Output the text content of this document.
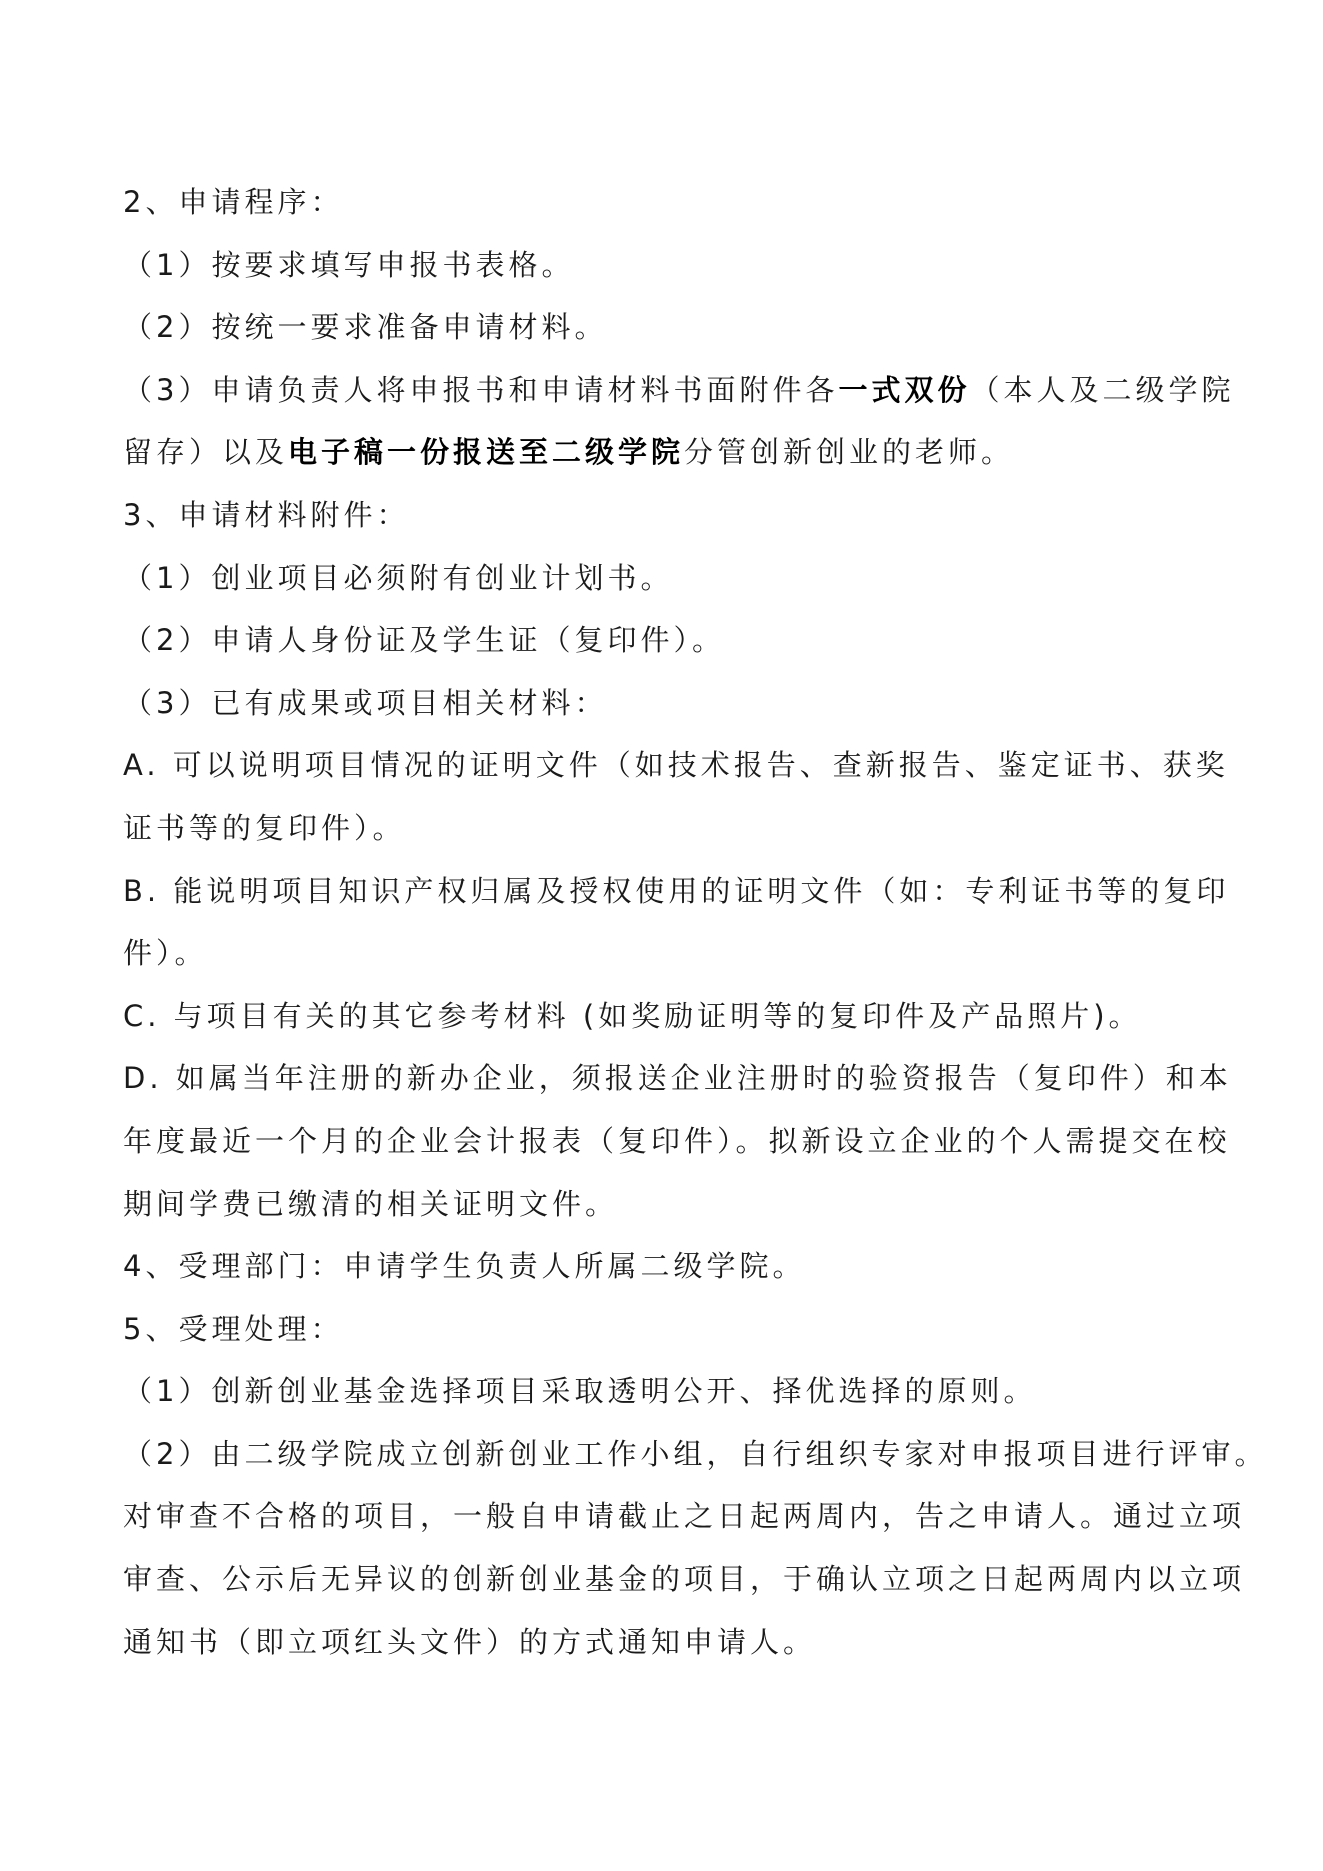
2、申请程序：

（1）按要求填写申报书表格。

（2）按统一要求准备申请材料。

（3）申请负责人将申报书和申请材料书面附件各一式双份（本人及二级学院

留存）以及电子稿一份报送至二级学院分管创新创业的老师。

3、申请材料附件：

（1）创业项目必须附有创业计划书。

（2）申请人身份证及学生证（复印件）。

（3）已有成果或项目相关材料：

A. 可以说明项目情况的证明文件（如技术报告、查新报告、鉴定证书、获奖

证书等的复印件）。

B. 能说明项目知识产权归属及授权使用的证明文件（如：专利证书等的复印

件）。

C. 与项目有关的其它参考材料 (如奖励证明等的复印件及产品照片)。

D. 如属当年注册的新办企业，须报送企业注册时的验资报告（复印件）和本

年度最近一个月的企业会计报表（复印件）。拟新设立企业的个人需提交在校

期间学费已缴清的相关证明文件。

4、受理部门：申请学生负责人所属二级学院。

5、受理处理：

（1）创新创业基金选择项目采取透明公开、择优选择的原则。

（2）由二级学院成立创新创业工作小组，自行组织专家对申报项目进行评审。

对审查不合格的项目，一般自申请截止之日起两周内，告之申请人。通过立项

审查、公示后无异议的创新创业基金的项目，于确认立项之日起两周内以立项

通知书（即立项红头文件）的方式通知申请人。
